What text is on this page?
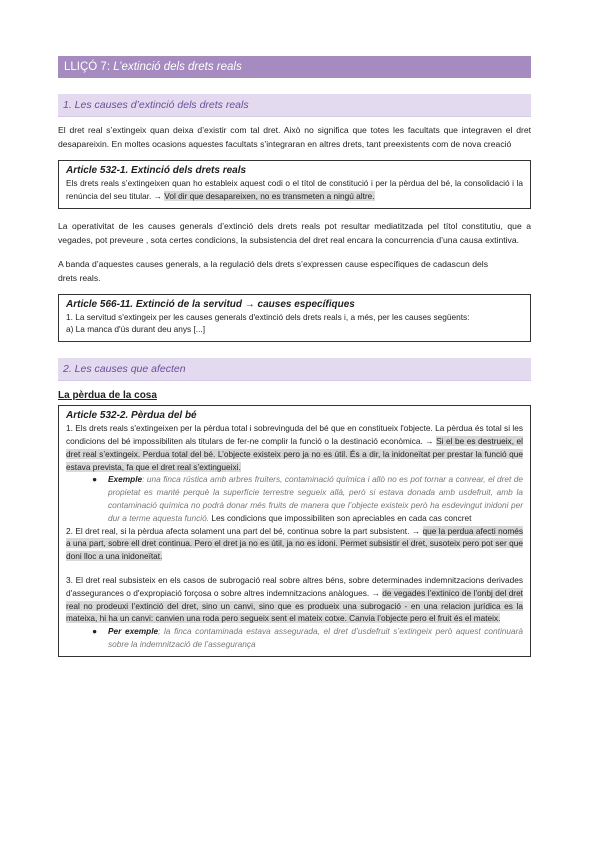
LLIÇÓ 7: L’extinció dels drets reals
1. Les causes d’extinció dels drets reals

El dret real s’extingeix quan deixa d’existir com tal dret. Això no significa que totes les facultats que integraven el dret desapareixin. En moltes ocasions aquestes facultats s’integraran en altres drets, tant preexistents com de nova creació

Article 532-1. Extinció dels drets reals

Els drets reals s’extingeixen quan ho estableix aquest codi o el títol de constitució i per la pèrdua del bé, la consolidació i la renúncia del seu titular. → Vol dir que desapareixen, no es transmeten a ningú altre.

La operativitat de les causes generals d’extinció dels drets reals pot resultar mediatitzada pel títol constitutiu, que a vegades, pot preveure , sota certes condicions, la subsistencia del dret real encara la concurrencia d’una causa extintiva.

A banda d’aquestes causes generals, a la regulació dels drets s’expressen cause específiques de cadascun dels drets reals.

Article 566-11. Extinció de la servitud → causes específiques

1. La servitud s'extingeix per les causes generals d'extinció dels drets reals i, a més, per les causes següents:

a) La manca d'ús durant deu anys [...]

2. Les causes que afecten
La pèrdua de la cosa
Article 532-2. Pèrdua del bé

1. Els drets reals s'extingeixen per la pèrdua total i sobrevinguda del bé que en constitueix l'objecte. La pèrdua és total si les condicions del bé impossibiliten als titulars de fer-ne complir la funció o la destinació econòmica. → Si el be es destrueix, el dret real s’extingeix. Perdua total del bé. L’objecte existeix pero ja no es útil. És a dir, la inidoneïtat per prestar la funció que estava prevista, fa que el dret real s’extingueixi.

● Exemple: una finca rústica amb arbres fruiters, contaminació química i allò no es pot tornar a conrear, el dret de propietat es manté perquè la superfície terrestre segueix allà, però si estava donada amb usdefruit, amb la contaminació química no podrà donar més fruits de manera que l’objecte existeix però ha esdevingut inidoni per dur a terme aquesta funció. Les condicions que impossibiliten son apreciables en cada cas concret

2. El dret real, si la pèrdua afecta solament una part del bé, continua sobre la part subsistent. → que la perdua afecti només a una part, sobre ell dret continua. Pero el dret ja no es útil, ja no es idoni. Permet subsistir el dret, susoteix pero pot ser que doni lloc a una inidoneïtat.

3. El dret real subsisteix en els casos de subrogació real sobre altres béns, sobre determinades indemnitzacions derivades d'assegurances o d'expropiació forçosa o sobre altres indemnitzacions anàlogues. → de vegades l’extinico de l’onbj del dret real no prodeuxi l’extinció del dret, sino un canvi, sino que es produeix una subrogació - en una relacion jurídica es la mateixa, hi ha un canvi: canvien una roda pero segueix sent el mateix cotxe. Canvia l’objecte pero el fruit és el mateix.

● Per exemple; la finca contaminada estava assegurada, el dret d’usdefruit s’extingeix però aquest continuarà sobre la indemnització de l’assegurança
